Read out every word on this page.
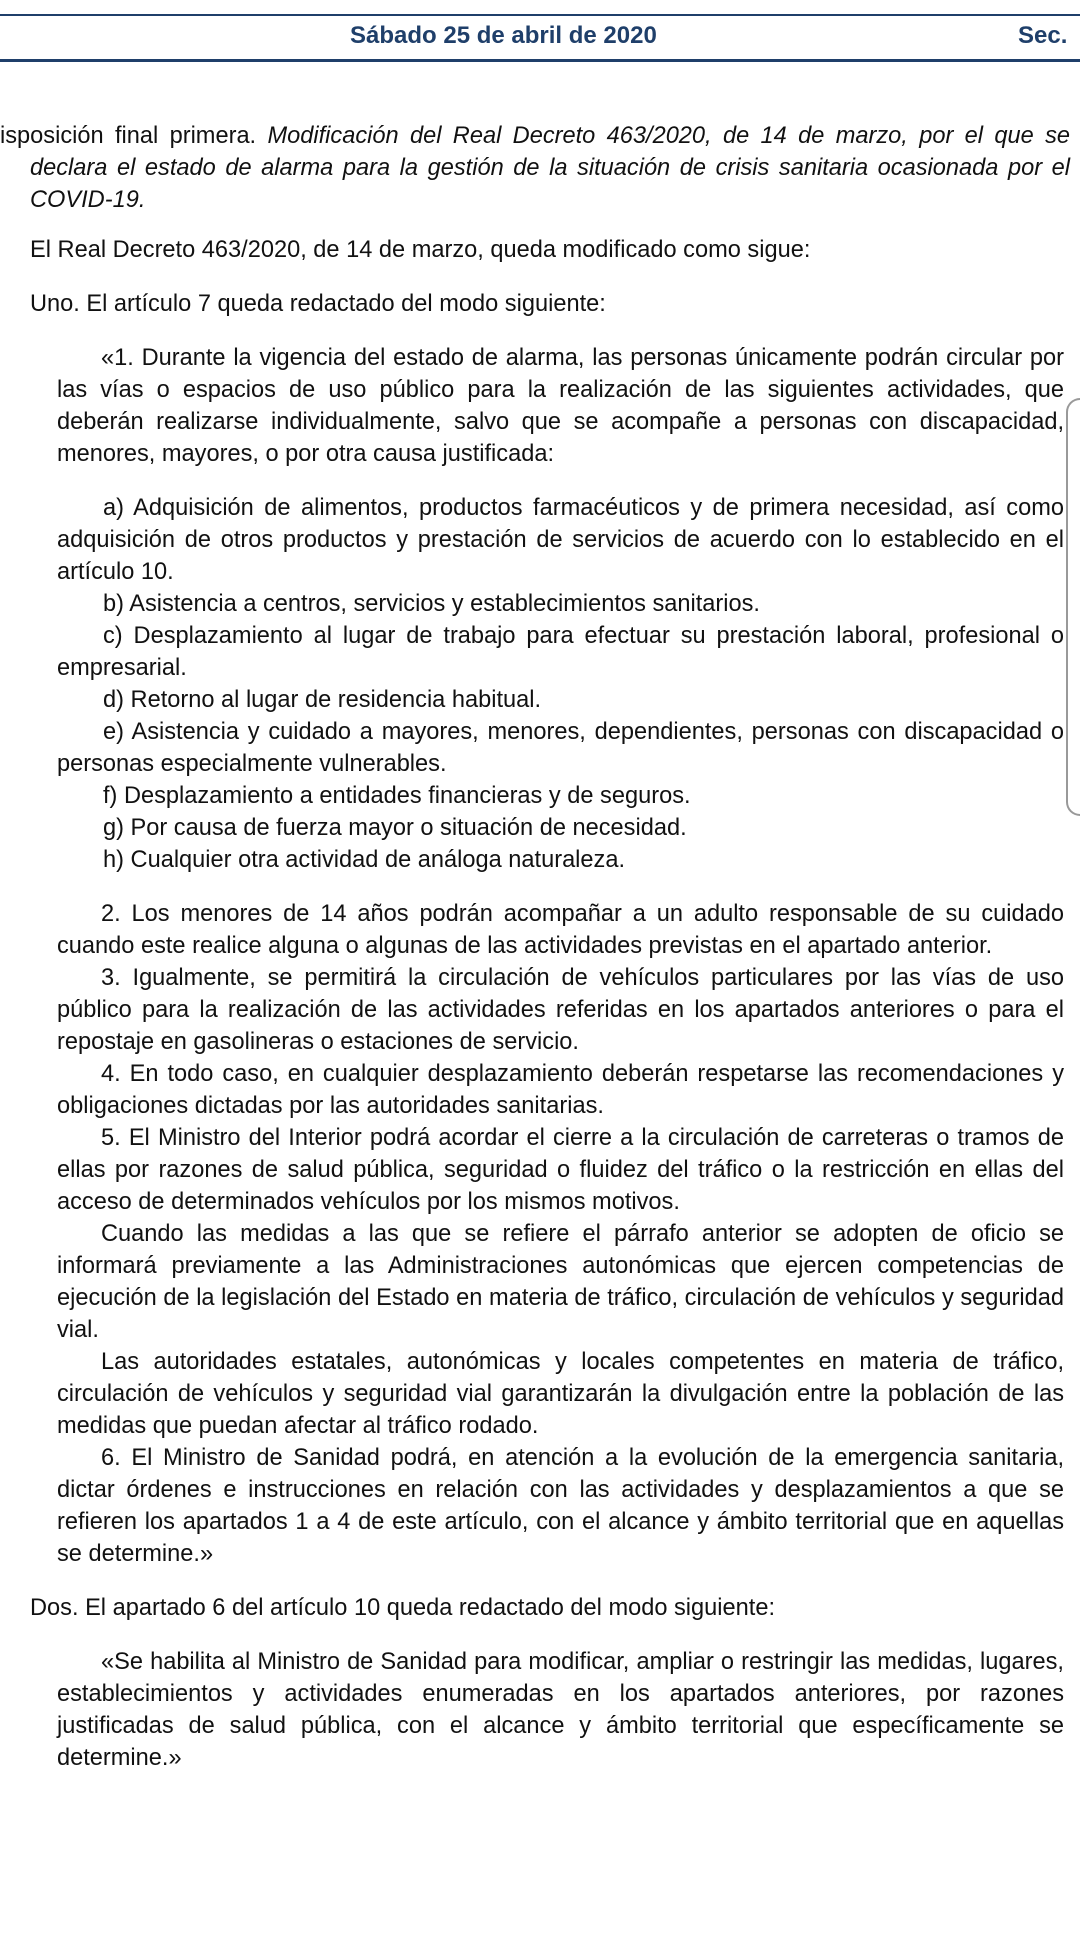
Sábado 25 de abril de 2020	Sec.

isposición final primera. Modificación del Real Decreto 463/2020, de 14 de marzo, por el que se declara el estado de alarma para la gestión de la situación de crisis sanitaria ocasionada por el COVID-19.

El Real Decreto 463/2020, de 14 de marzo, queda modificado como sigue:

Uno. El artículo 7 queda redactado del modo siguiente:

«1. Durante la vigencia del estado de alarma, las personas únicamente podrán circular por las vías o espacios de uso público para la realización de las siguientes actividades, que deberán realizarse individualmente, salvo que se acompañe a personas con discapacidad, menores, mayores, o por otra causa justificada:

a) Adquisición de alimentos, productos farmacéuticos y de primera necesidad, así como adquisición de otros productos y prestación de servicios de acuerdo con lo establecido en el artículo 10.

b) Asistencia a centros, servicios y establecimientos sanitarios.

c) Desplazamiento al lugar de trabajo para efectuar su prestación laboral, profesional o empresarial.

d) Retorno al lugar de residencia habitual.

e) Asistencia y cuidado a mayores, menores, dependientes, personas con discapacidad o personas especialmente vulnerables.

f) Desplazamiento a entidades financieras y de seguros.

g) Por causa de fuerza mayor o situación de necesidad.

h) Cualquier otra actividad de análoga naturaleza.

2. Los menores de 14 años podrán acompañar a un adulto responsable de su cuidado cuando este realice alguna o algunas de las actividades previstas en el apartado anterior.

3. Igualmente, se permitirá la circulación de vehículos particulares por las vías de uso público para la realización de las actividades referidas en los apartados anteriores o para el repostaje en gasolineras o estaciones de servicio.

4. En todo caso, en cualquier desplazamiento deberán respetarse las recomendaciones y obligaciones dictadas por las autoridades sanitarias.

5. El Ministro del Interior podrá acordar el cierre a la circulación de carreteras o tramos de ellas por razones de salud pública, seguridad o fluidez del tráfico o la restricción en ellas del acceso de determinados vehículos por los mismos motivos.

Cuando las medidas a las que se refiere el párrafo anterior se adopten de oficio se informará previamente a las Administraciones autonómicas que ejercen competencias de ejecución de la legislación del Estado en materia de tráfico, circulación de vehículos y seguridad vial.

Las autoridades estatales, autonómicas y locales competentes en materia de tráfico, circulación de vehículos y seguridad vial garantizarán la divulgación entre la población de las medidas que puedan afectar al tráfico rodado.

6. El Ministro de Sanidad podrá, en atención a la evolución de la emergencia sanitaria, dictar órdenes e instrucciones en relación con las actividades y desplazamientos a que se refieren los apartados 1 a 4 de este artículo, con el alcance y ámbito territorial que en aquellas se determine.»

Dos. El apartado 6 del artículo 10 queda redactado del modo siguiente:

«Se habilita al Ministro de Sanidad para modificar, ampliar o restringir las medidas, lugares, establecimientos y actividades enumeradas en los apartados anteriores, por razones justificadas de salud pública, con el alcance y ámbito territorial que específicamente se determine.»
